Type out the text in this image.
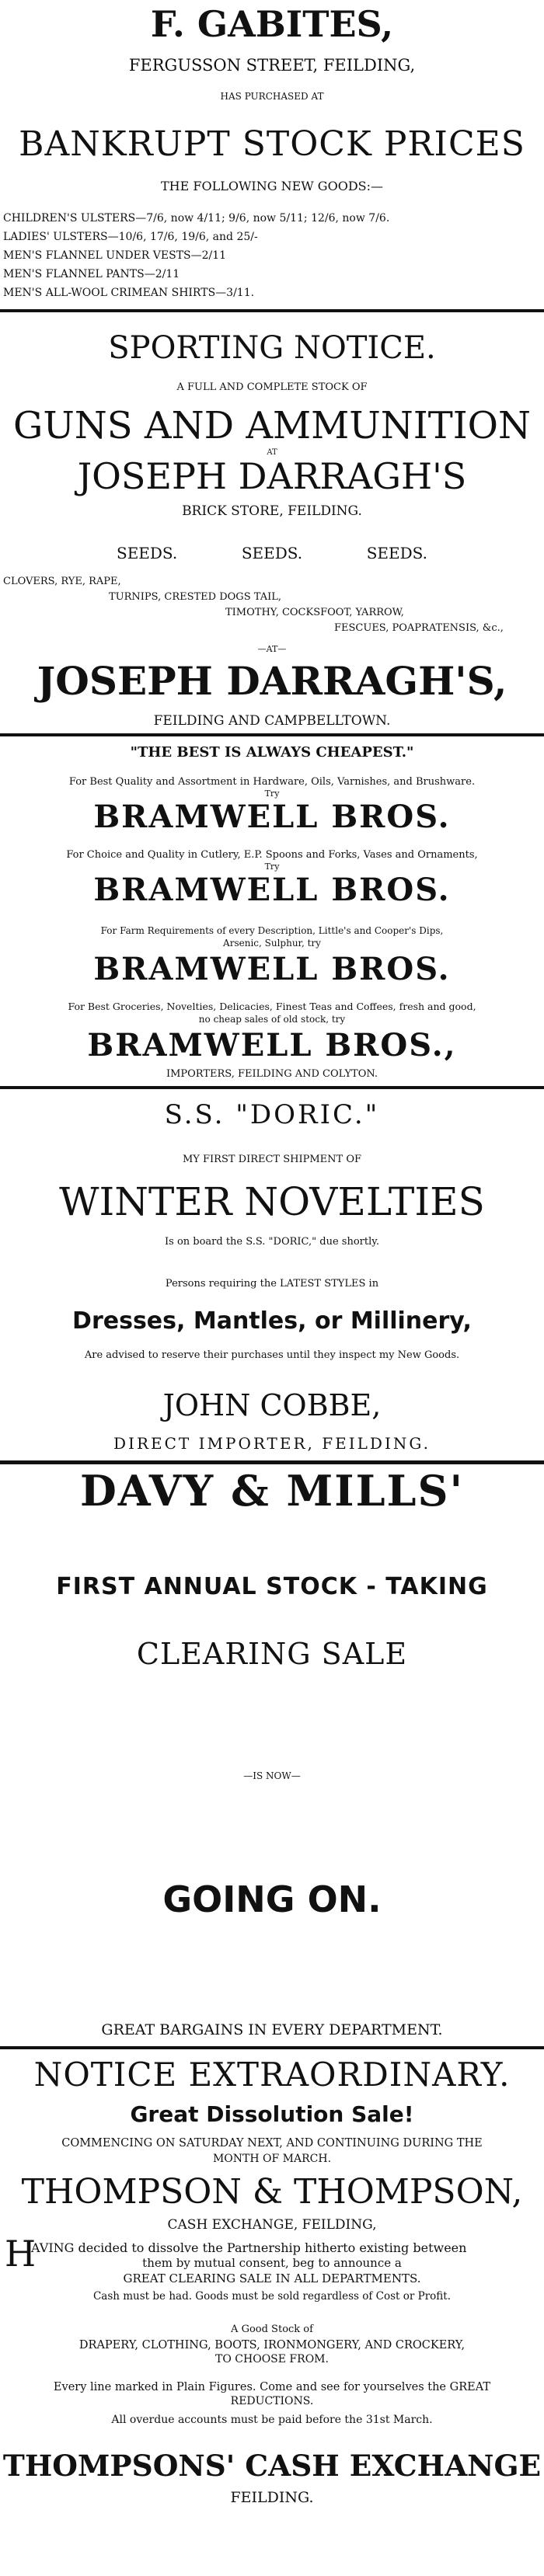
F. GABITES,
FERGUSSON STREET, FEILDING,
HAS PURCHASED AT
BANKRUPT STOCK PRICES
THE FOLLOWING NEW GOODS:—
CHILDREN'S ULSTERS—7/6, now 4/11; 9/6, now 5/11; 12/6, now 7/6.
LADIES' ULSTERS—10/6, 17/6, 19/6, and 25/-
MEN'S FLANNEL UNDER VESTS—2/11
MEN'S FLANNEL PANTS—2/11
MEN'S ALL-WOOL CRIMEAN SHIRTS—3/11.
SPORTING NOTICE.
A FULL AND COMPLETE STOCK OF
GUNS AND AMMUNITION
AT
JOSEPH DARRAGH'S
BRICK STORE, FEILDING.
SEEDS.	SEEDS.	SEEDS.
CLOVERS, RYE, RAPE,
TURNIPS, CRESTED DOGS TAIL,
TIMOTHY, COCKSFOOT, YARROW,
FESCUES, POAPRATENSIS, &c.,
—AT—
JOSEPH DARRAGH'S,
FEILDING AND CAMPBELLTOWN.
"THE BEST IS ALWAYS CHEAPEST."
For Best Quality and Assortment in Hardware, Oils, Varnishes, and Brushware.
Try
BRAMWELL BROS.
For Choice and Quality in Cutlery, E.P. Spoons and Forks, Vases and Ornaments,
Try
BRAMWELL BROS.
For Farm Requirements of every Description, Little's and Cooper's Dips,
Arsenic, Sulphur, try
BRAMWELL BROS.
For Best Groceries, Novelties, Delicacies, Finest Teas and Coffees, fresh and good,
no cheap sales of old stock, try
BRAMWELL BROS.,
IMPORTERS, FEILDING AND COLYTON.
S.S. "DORIC."
MY FIRST DIRECT SHIPMENT OF
WINTER NOVELTIES
Is on board the S.S. "DORIC," due shortly.
Persons requiring the LATEST STYLES in
Dresses, Mantles, or Millinery,
Are advised to reserve their purchases until they inspect my New Goods.
JOHN COBBE,
DIRECT IMPORTER, FEILDING.
DAVY & MILLS'
FIRST ANNUAL STOCK - TAKING
CLEARING SALE
—IS NOW—
GOING ON.
GREAT BARGAINS IN EVERY DEPARTMENT.
NOTICE EXTRAORDINARY.
Great Dissolution Sale!
COMMENCING ON SATURDAY NEXT, AND CONTINUING DURING THE
MONTH OF MARCH.
THOMPSON & THOMPSON,
CASH EXCHANGE, FEILDING,
H
AVING decided to dissolve the Partnership hitherto existing between
them by mutual consent, beg to announce a
GREAT CLEARING SALE IN ALL DEPARTMENTS.
Cash must be had. Goods must be sold regardless of Cost or Profit.
A Good Stock of
DRAPERY, CLOTHING, BOOTS, IRONMONGERY, AND CROCKERY,
TO CHOOSE FROM.
Every line marked in Plain Figures. Come and see for yourselves the GREAT
REDUCTIONS.
All overdue accounts must be paid before the 31st March.
THOMPSONS' CASH EXCHANGE
FEILDING.
